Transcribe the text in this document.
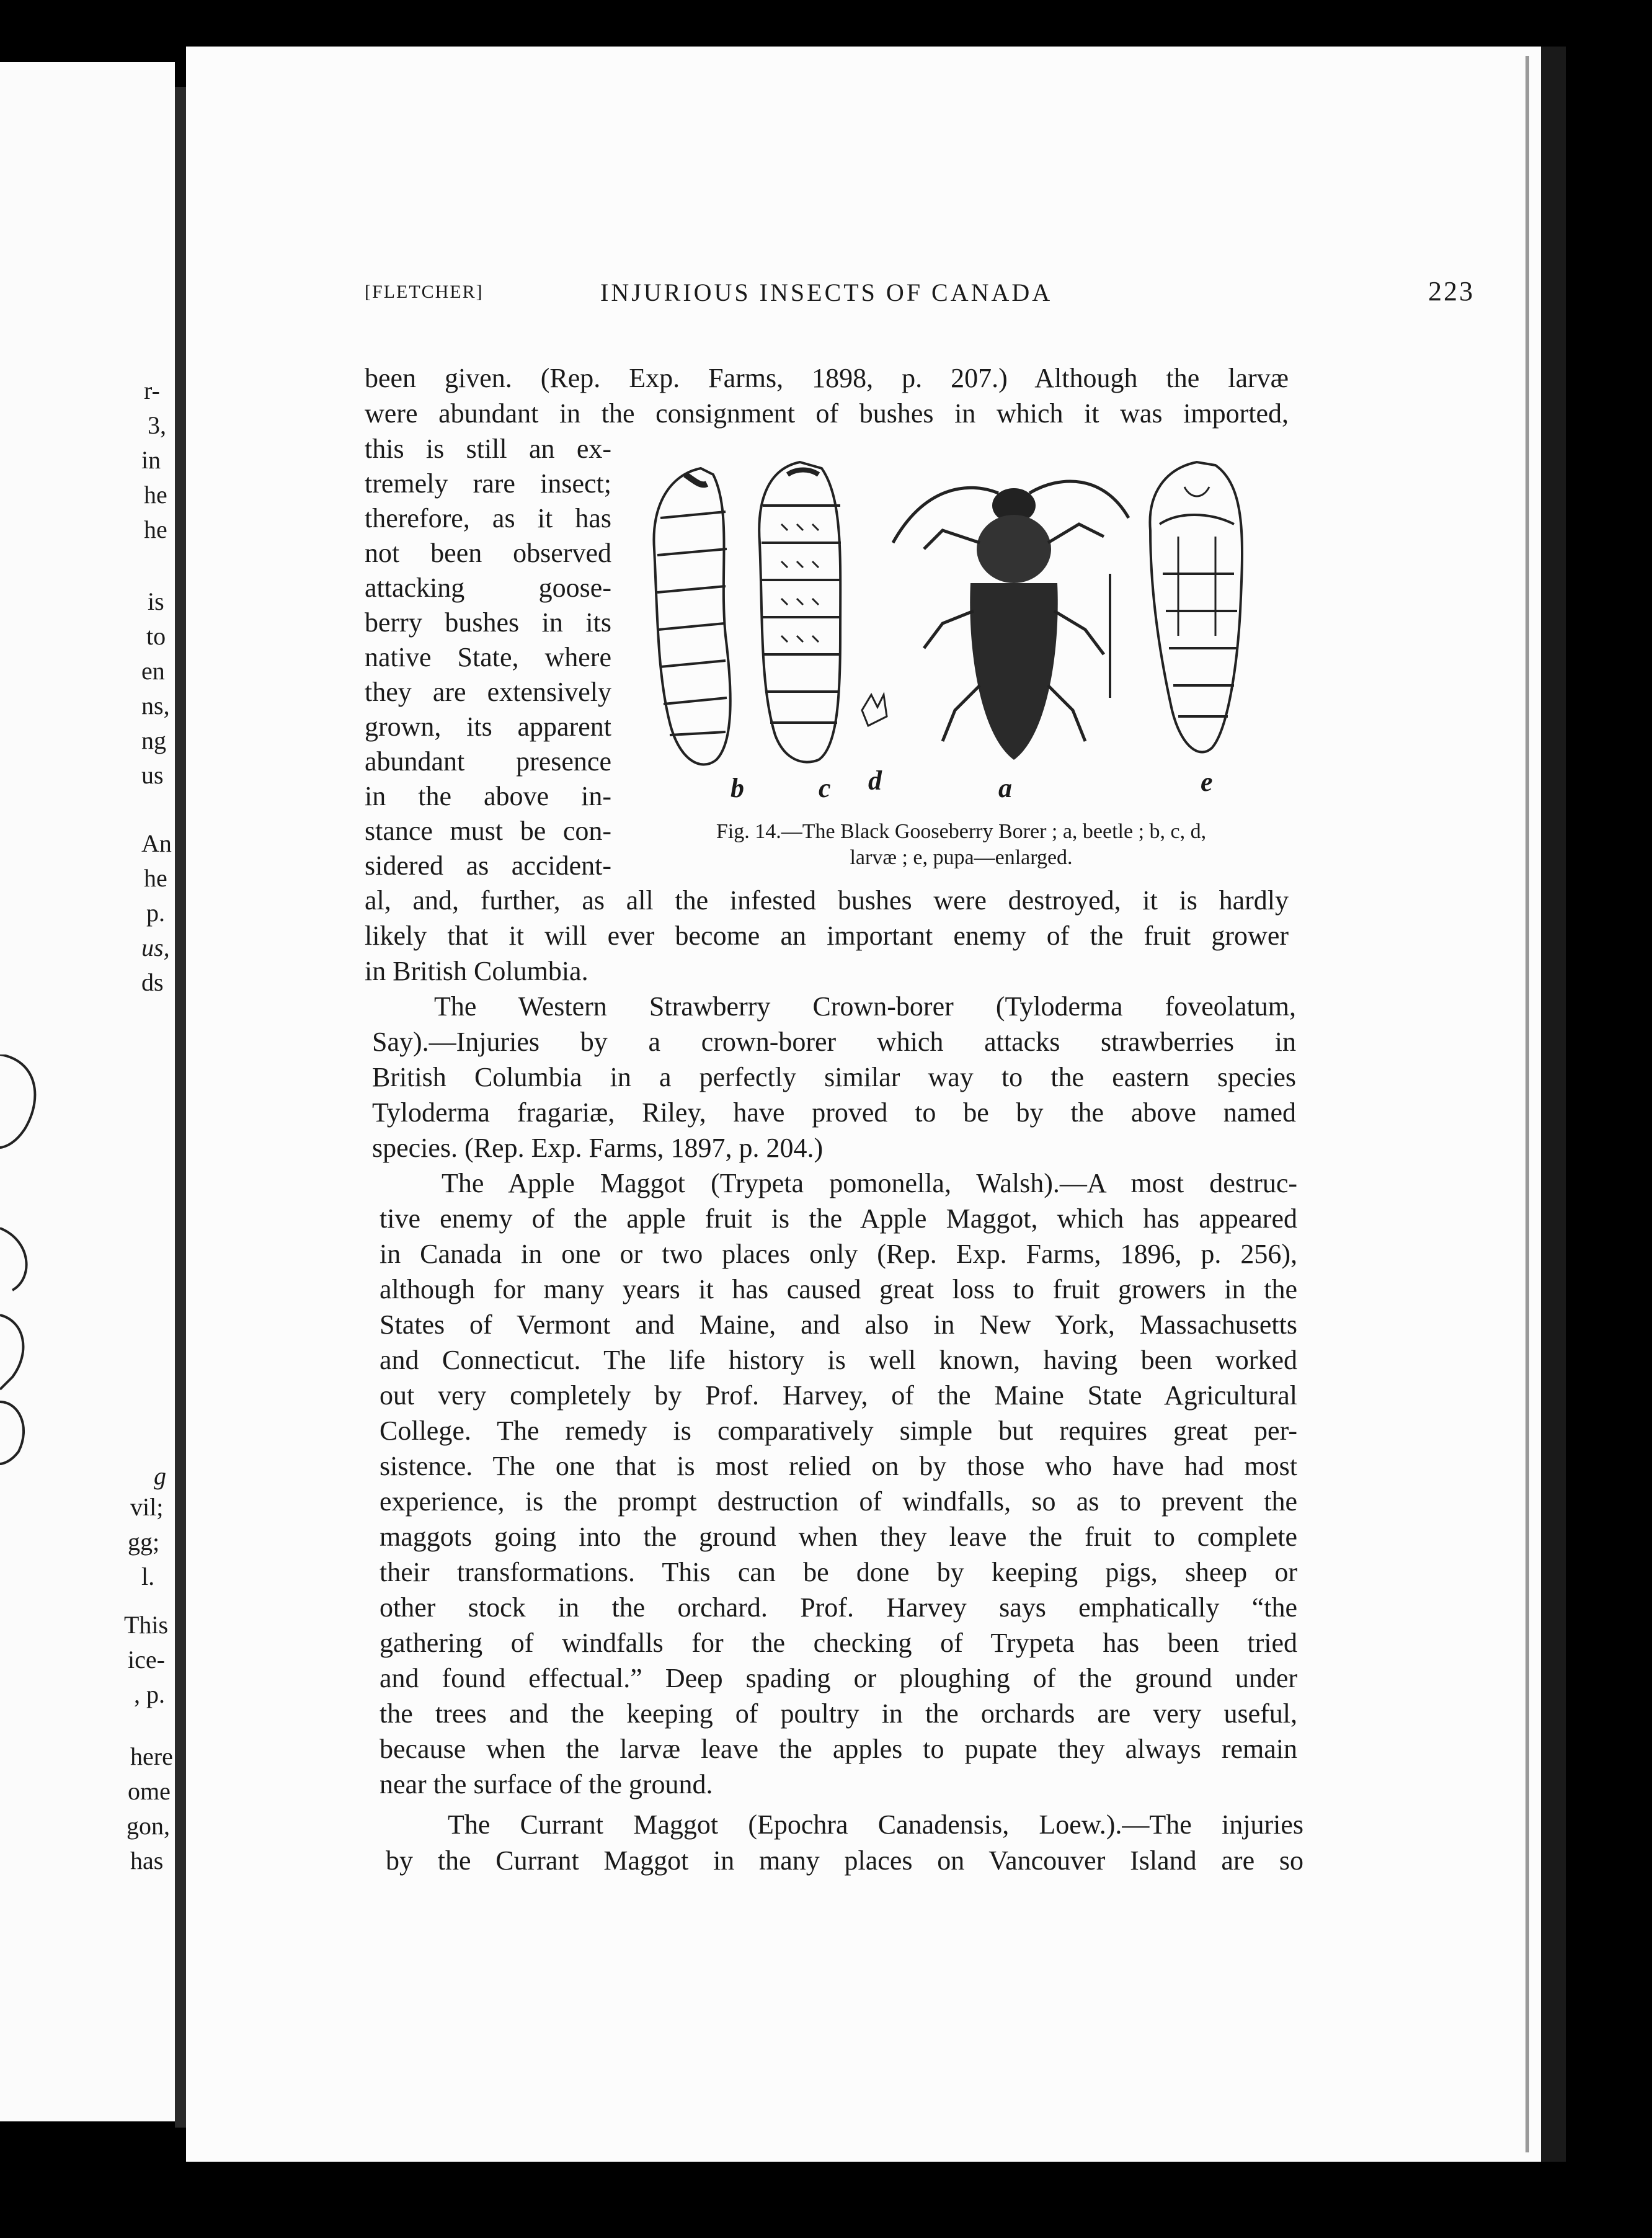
r-
3,
in
he
he
is
to
en
ns,
ng
us
An
he
p.
us,
ds
g
vil;
gg;
l.
This
ice-
, p.
here
ome
gon,
has
[FLETCHER]	INJURIOUS INSECTS OF CANADA	223
been given. (Rep. Exp. Farms, 1898, p. 207.) Although the larvæ
were abundant in the consignment of bushes in which it was imported,
this is still an ex-
tremely rare insect;
therefore, as it has
not been observed
attacking goose-
berry bushes in its
native State, where
they are extensively
grown, its apparent
abundant presence
in the above in-
stance must be con-
sidered as accident-
b	c d	a	e
Fig. 14.—The Black Gooseberry Borer ; a, beetle ; b, c, d,
larvæ ; e, pupa—enlarged.
al, and, further, as all the infested bushes were destroyed, it is hardly
likely that it will ever become an important enemy of the fruit grower
in British Columbia.
The Western Strawberry Crown-borer (Tyloderma foveolatum,
Say).—Injuries by a crown-borer which attacks strawberries in
British Columbia in a perfectly similar way to the eastern species
Tyloderma fragariæ, Riley, have proved to be by the above named
species. (Rep. Exp. Farms, 1897, p. 204.)
The Apple Maggot (Trypeta pomonella, Walsh).—A most destruc-
tive enemy of the apple fruit is the Apple Maggot, which has appeared
in Canada in one or two places only (Rep. Exp. Farms, 1896, p. 256),
although for many years it has caused great loss to fruit growers in the
States of Vermont and Maine, and also in New York, Massachusetts
and Connecticut. The life history is well known, having been worked
out very completely by Prof. Harvey, of the Maine State Agricultural
College. The remedy is comparatively simple but requires great per-
sistence. The one that is most relied on by those who have had most
experience, is the prompt destruction of windfalls, so as to prevent the
maggots going into the ground when they leave the fruit to complete
their transformations. This can be done by keeping pigs, sheep or
other stock in the orchard. Prof. Harvey says emphatically “the
gathering of windfalls for the checking of Trypeta has been tried
and found effectual.” Deep spading or ploughing of the ground under
the trees and the keeping of poultry in the orchards are very useful,
because when the larvæ leave the apples to pupate they always remain
near the surface of the ground.
The Currant Maggot (Epochra Canadensis, Loew.).—The injuries
by the Currant Maggot in many places on Vancouver Island are so
